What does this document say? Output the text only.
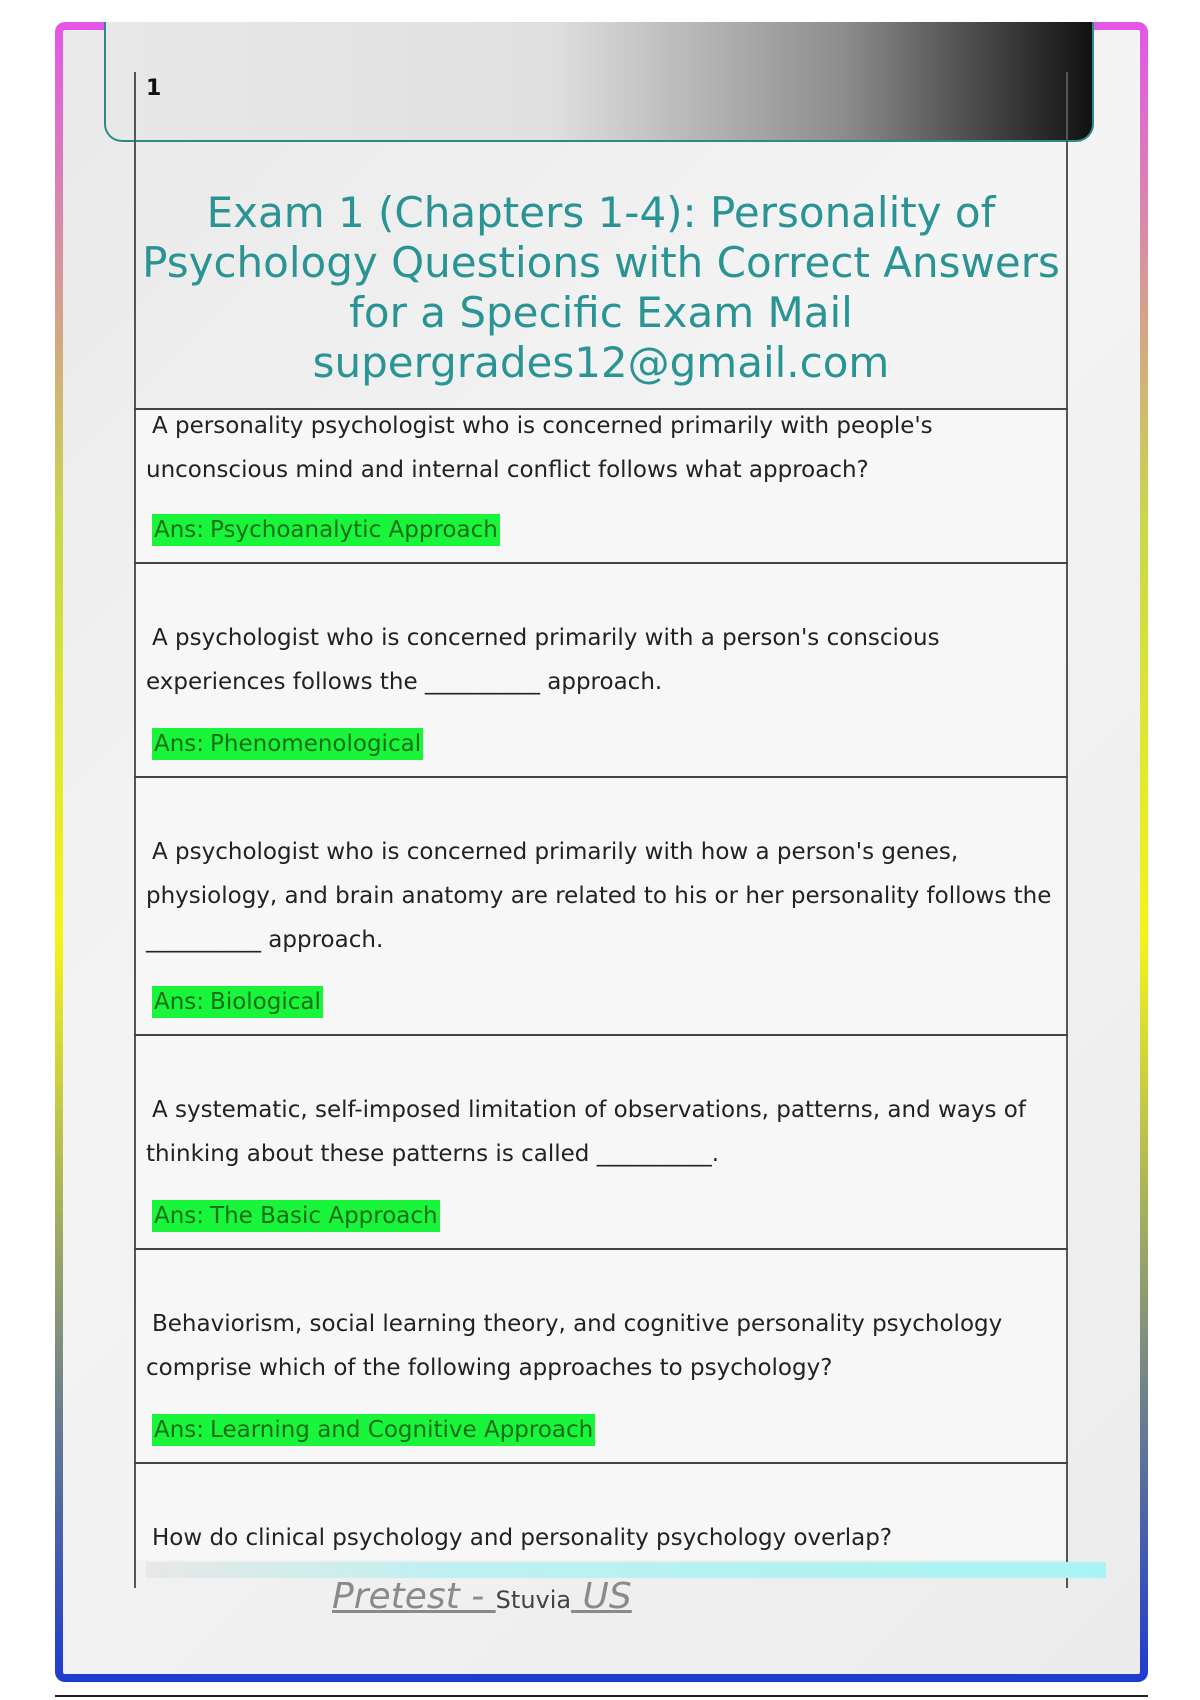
1
Exam 1 (Chapters 1-4): Personality of
Psychology Questions with Correct Answers
for a Specific Exam Mail
supergrades12@gmail.com
A personality psychologist who is concerned primarily with people's
unconscious mind and internal conflict follows what approach?
Ans: Psychoanalytic Approach
A psychologist who is concerned primarily with a person's conscious
experiences follows the __________ approach.
Ans: Phenomenological
A psychologist who is concerned primarily with how a person's genes,
physiology, and brain anatomy are related to his or her personality follows the
__________ approach.
Ans: Biological
A systematic, self-imposed limitation of observations, patterns, and ways of
thinking about these patterns is called __________.
Ans: The Basic Approach
Behaviorism, social learning theory, and cognitive personality psychology
comprise which of the following approaches to psychology?
Ans: Learning and Cognitive Approach
How do clinical psychology and personality psychology overlap?
Pretest - Stuvia US
